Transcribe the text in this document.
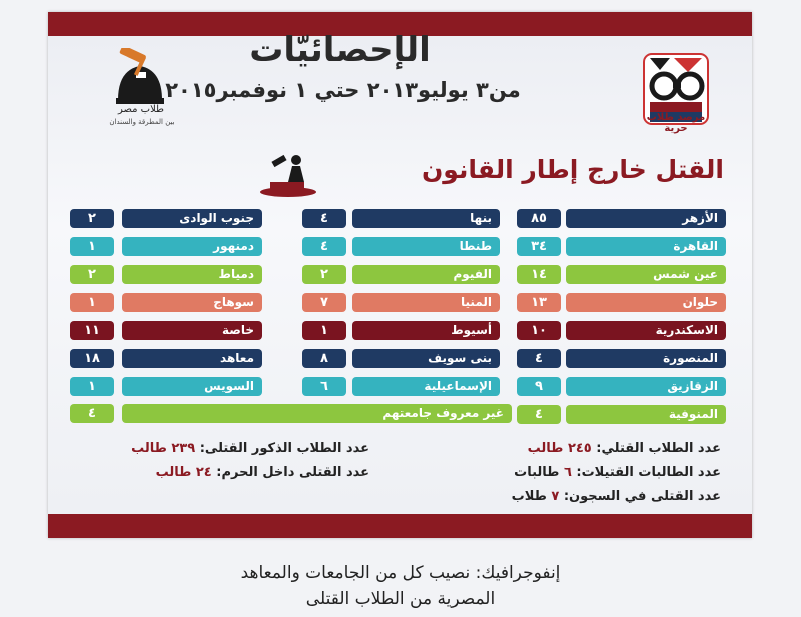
طلاب مصر
بين المطرقة والسندان	مرصد طلاب حرية
الإحصائيّات
من٣ يوليو٢٠١٣ حتي ١ نوفمبر٢٠١٥
القتل خارج إطار القانون
الأزهر
٨٥
القاهرة
٣٤
عين شمس
١٤
حلوان
١٣
الاسكندرية
١٠
المنصورة
٤
الزقازيق
٩
المنوفية
٤
بنها
٤
طنطا
٤
الفيوم
٢
المنيا
٧
أسيوط
١
بنى سويف
٨
الإسماعيلية
٦
جنوب الوادى
٢
دمنهور
١
دمياط
٢
سوهاج
١
خاصة
١١
معاهد
١٨
السويس
١
غير معروف جامعتهم
٤
عدد الطلاب القتلي: ٢٤٥ طالب
عدد الطالبات القتيلات: ٦ طالبات
عدد القتلى في السجون: ٧ طلاب
عدد الطلاب الذكور القتلى: ٢٣٩ طالب
عدد القتلى داخل الحرم: ٢٤ طالب
إنفوجرافيك: نصيب كل من الجامعات والمعاهد
المصرية من الطلاب القتلى
